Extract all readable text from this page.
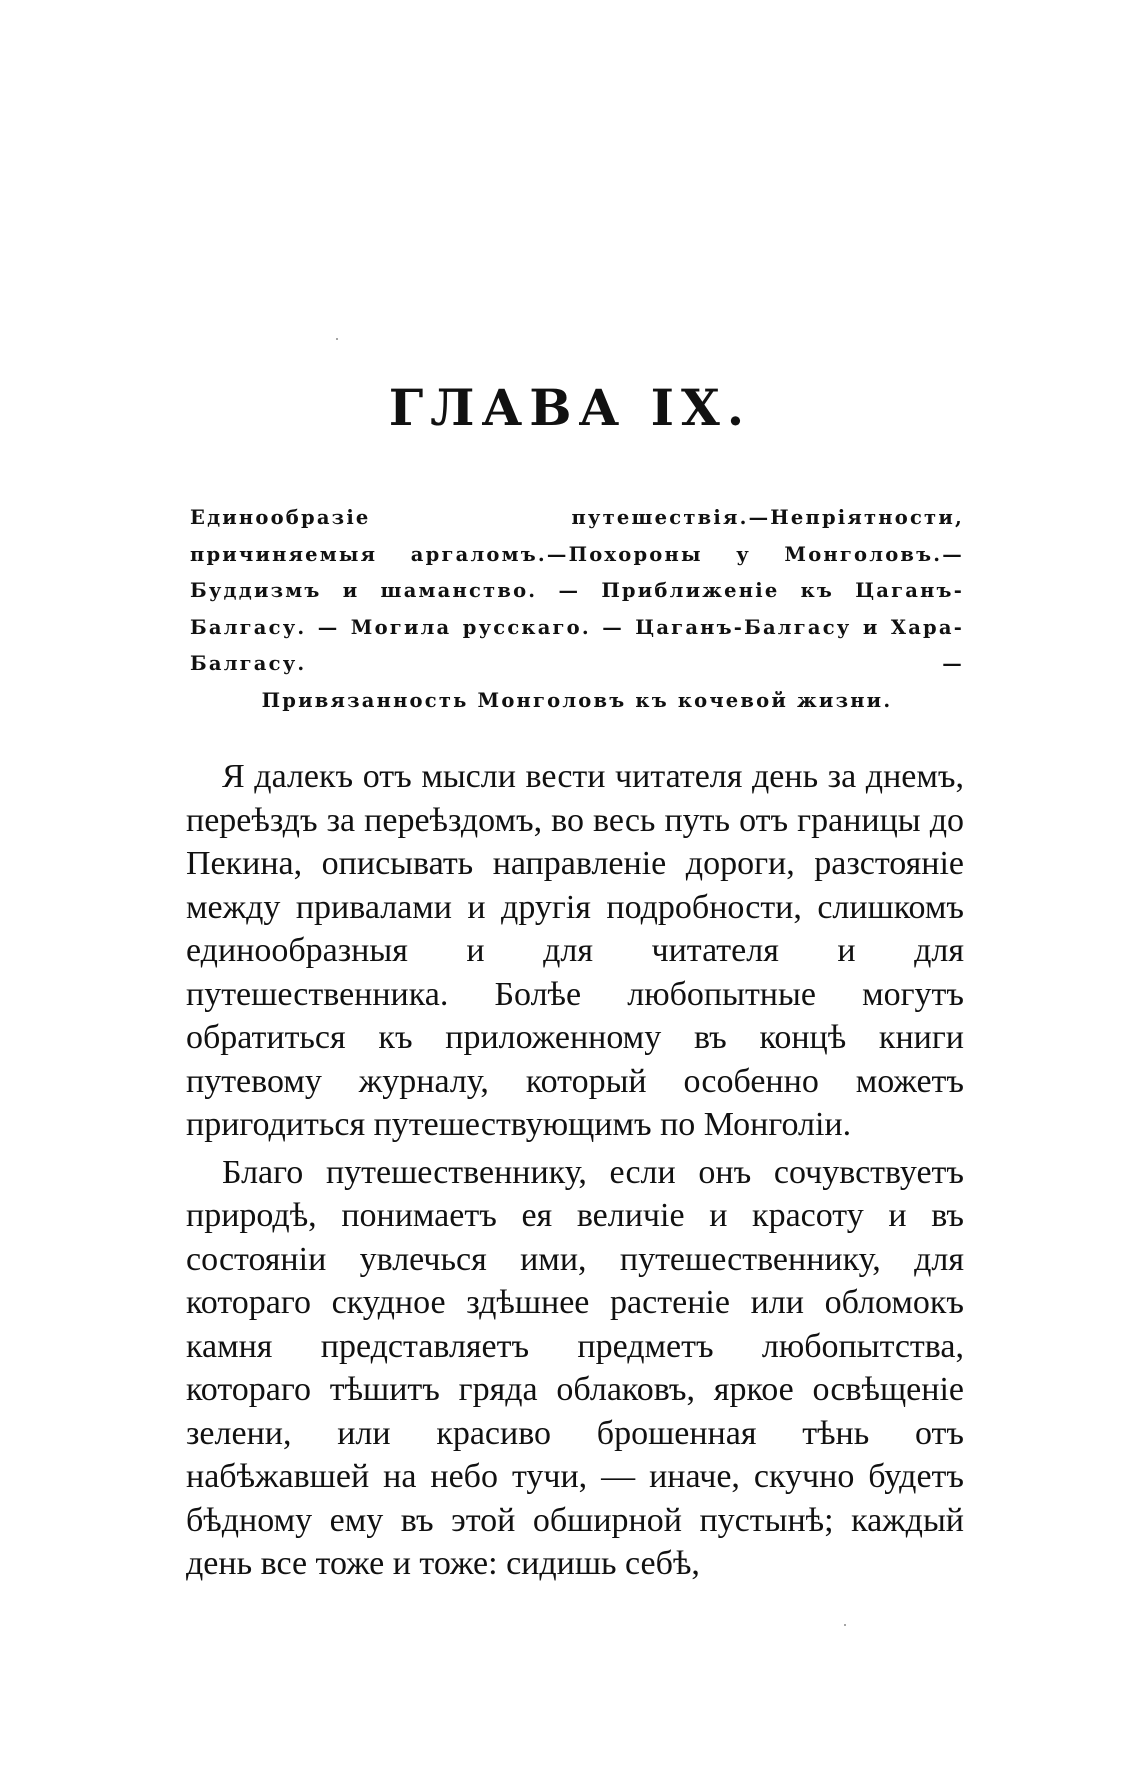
ГЛАВА IX.
Единообразіе путешествія.—Непріятности, причиняемыя аргаломъ.—Похороны у Монголовъ.—Буддизмъ и шаманство. — Приближеніе къ Цаганъ-Балгасу. — Могила русскаго. — Цаганъ-Балгасу и Хара-Балгасу. —
Привязанность Монголовъ къ кочевой жизни.

Я далекъ отъ мысли вести читателя день за днемъ, переѣздъ за переѣздомъ, во весь путь отъ границы до Пекина, описывать направленіе дороги, разстояніе между привалами и другія подробности, слишкомъ единообразныя и для читателя и для путешественника. Болѣе любопытные могутъ обратиться къ приложенному въ концѣ книги путевому журналу, который особенно можетъ пригодиться путешествующимъ по Монголіи.

Благо путешественнику, если онъ сочувствуетъ природѣ, понимаетъ ея величіе и красоту и въ состояніи увлечься ими, путешественнику, для котораго скудное здѣшнее растеніе или обломокъ камня представляетъ предметъ любопытства, котораго тѣшитъ гряда облаковъ, яркое освѣщеніе зелени, или красиво брошенная тѣнь отъ набѣжавшей на небо тучи, — иначе, скучно будетъ бѣдному ему въ этой обширной пустынѣ; каждый день все тоже и тоже: сидишь себѣ,
